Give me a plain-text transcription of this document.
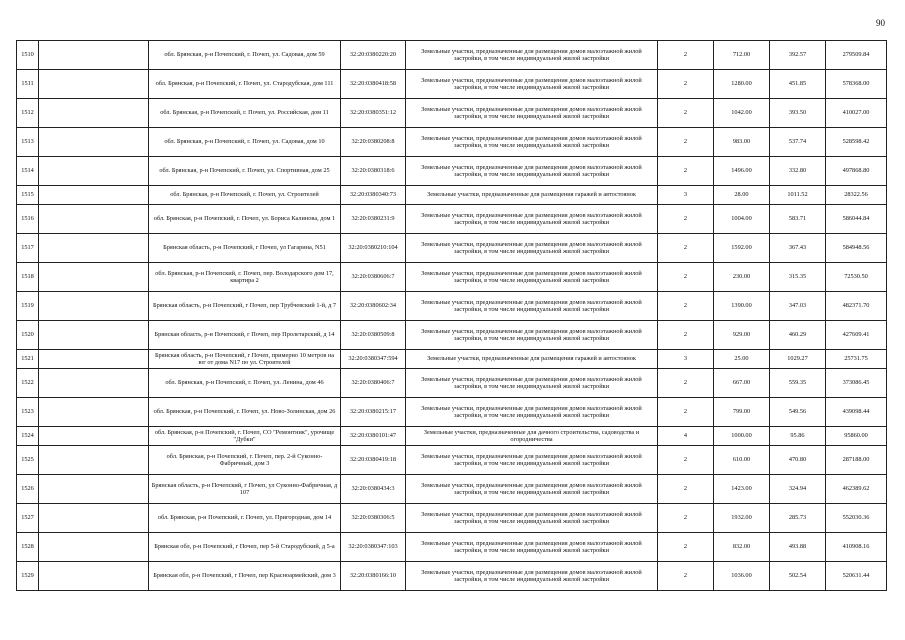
90
1510		обл. Брянская, р-н Почепский, г. Почеп, ул. Садовая, дом 59	32:20:0380220:20	Земельные участки, предназначенные для размещения домов малоэтажной жилой застройки, в том числе индивидуальной жилой застройки	2	712.00	392.57	279509.84
1511		обл. Брянская, р-н Почепский, г. Почеп, ул. Стародубская, дом 111	32:20:0380418:58	Земельные участки, предназначенные для размещения домов малоэтажной жилой застройки, в том числе индивидуальной жилой застройки	2	1280.00	451.85	578368.00
1512		обл. Брянская, р-н Почепский, г. Почеп, ул. Российская, дом 11	32:20:0380351:12	Земельные участки, предназначенные для размещения домов малоэтажной жилой застройки, в том числе индивидуальной жилой застройки	2	1042.00	393.50	410027.00
1513		обл. Брянская, р-н Почепский, г. Почеп, ул. Садовая, дом 10	32:20:0380208:8	Земельные участки, предназначенные для размещения домов малоэтажной жилой застройки, в том числе индивидуальной жилой застройки	2	983.00	537.74	528598.42
1514		обл. Брянская, р-н Почепский, г. Почеп, ул. Спортивная, дом 25	32:20:0380318:6	Земельные участки, предназначенные для размещения домов малоэтажной жилой застройки, в том числе индивидуальной жилой застройки	2	1496.00	332.80	497868.80
1515		обл. Брянская, р-н Почепский, г. Почеп, ул. Строителей	32:20:0380340:73	Земельные участки, предназначенные для размещения гаражей и автостоянок	3	28.00	1011.52	28322.56
1516		обл. Брянская, р-н Почепский, г. Почеп, ул. Бориса Калинова, дом 1	32:20:0380231:9	Земельные участки, предназначенные для размещения домов малоэтажной жилой застройки, в том числе индивидуальной жилой застройки	2	1004.00	583.71	586044.84
1517		Брянская область, р-н Почепский, г Почеп, ул Гагарина, N51	32:20:0380210:104	Земельные участки, предназначенные для размещения домов малоэтажной жилой застройки, в том числе индивидуальной жилой застройки	2	1592.00	367.43	584948.56
1518		обл. Брянская, р-н Почепский, г. Почеп, пер. Володарского дом 17, квартира 2	32:20:0380606:7	Земельные участки, предназначенные для размещения домов малоэтажной жилой застройки, в том числе индивидуальной жилой застройки	2	230.00	315.35	72530.50
1519		Брянская область, р-н Почепский, г Почеп, пер Трубчевский 1-й, д 7	32:20:0380602:34	Земельные участки, предназначенные для размещения домов малоэтажной жилой застройки, в том числе индивидуальной жилой застройки	2	1390.00	347.03	482371.70
1520		Брянская область, р-н Почепский, г Почеп, пер Пролетарский, д 14	32:20:0380509:8	Земельные участки, предназначенные для размещения домов малоэтажной жилой застройки, в том числе индивидуальной жилой застройки	2	929.00	460.29	427609.41
1521		Брянская область, р-н Почепский, г Почеп, примерно 10 метров на юг от дома N17 по ул. Строителей	32:20:0380347:594	Земельные участки, предназначенные для размещения гаражей и автостоянок	3	25.00	1029.27	25731.75
1522		обл. Брянская, р-н Почепский, г. Почеп, ул. Ленина, дом 46	32:20:0380406:7	Земельные участки, предназначенные для размещения домов малоэтажной жилой застройки, в том числе индивидуальной жилой застройки	2	667.00	559.35	373086.45
1523		обл. Брянская, р-н Почепский, г. Почеп, ул. Ново-Золинская, дом 26	32:20:0380215:17	Земельные участки, предназначенные для размещения домов малоэтажной жилой застройки, в том числе индивидуальной жилой застройки	2	799.00	549.56	439098.44
1524		обл. Брянская, р-н Почепский, г. Почеп, СО "Ремонтник", урочище "Дубки"	32:20:0380101:47	Земельные участки, предназначенные для дачного строительства, садоводства и огородничества	4	1000.00	95.86	95860.00
1525		обл. Брянская, р-н Почепский, г. Почеп, пер. 2-й Суконно-Фабричный, дом 3	32:20:0380419:18	Земельные участки, предназначенные для размещения домов малоэтажной жилой застройки, в том числе индивидуальной жилой застройки	2	610.00	470.80	287188.00
1526		Брянская область, р-н Почепский, г Почеп, ул Суконно-Фабричная, д 107	32:20:0380434:3	Земельные участки, предназначенные для размещения домов малоэтажной жилой застройки, в том числе индивидуальной жилой застройки	2	1423.00	324.94	462389.62
1527		обл. Брянская, р-н Почепский, г. Почеп, ул. Пригородная, дом 14	32:20:0380306:5	Земельные участки, предназначенные для размещения домов малоэтажной жилой застройки, в том числе индивидуальной жилой застройки	2	1932.00	285.73	552030.36
1528		Брянская обл, р-н Почепский, г Почеп, пер 5-й Стародубский, д 5-а	32:20:0380347:103	Земельные участки, предназначенные для размещения домов малоэтажной жилой застройки, в том числе индивидуальной жилой застройки	2	832.00	493.88	410908.16
1529		Брянская обл, р-н Почепский, г Почеп, пер Красноармейский, дом 3	32:20:0380166:10	Земельные участки, предназначенные для размещения домов малоэтажной жилой застройки, в том числе индивидуальной жилой застройки	2	1036.00	502.54	520631.44
